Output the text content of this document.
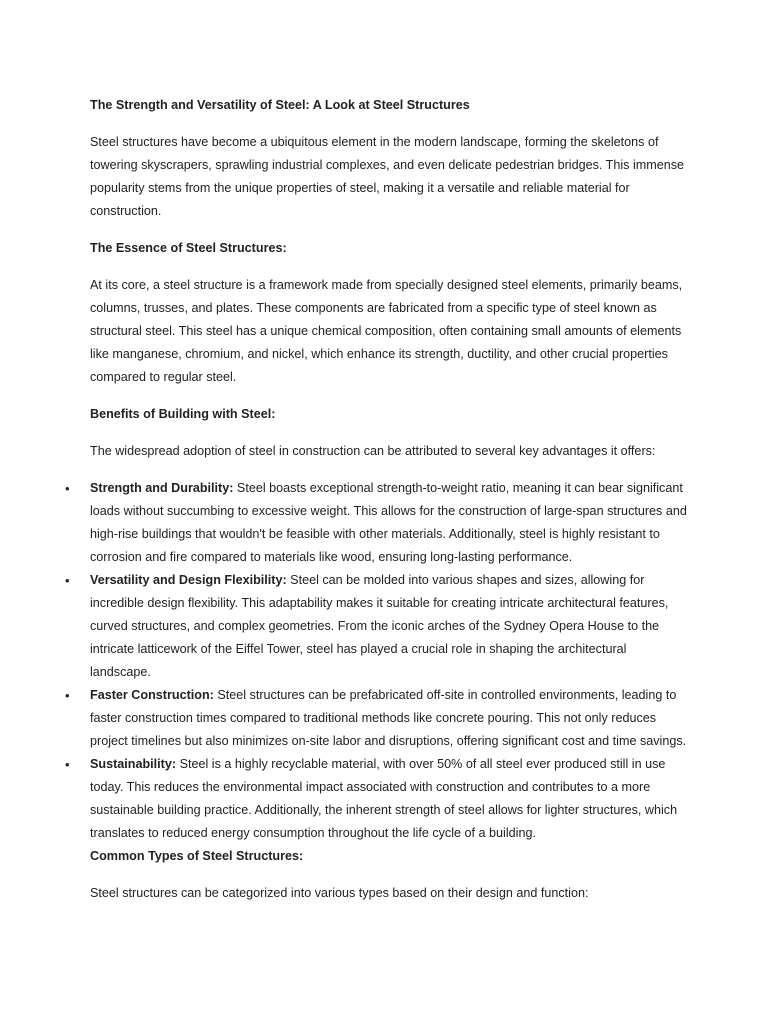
The Strength and Versatility of Steel: A Look at Steel Structures

Steel structures have become a ubiquitous element in the modern landscape, forming the skeletons of towering skyscrapers, sprawling industrial complexes, and even delicate pedestrian bridges. This immense popularity stems from the unique properties of steel, making it a versatile and reliable material for construction.

The Essence of Steel Structures:

At its core, a steel structure is a framework made from specially designed steel elements, primarily beams, columns, trusses, and plates. These components are fabricated from a specific type of steel known as structural steel. This steel has a unique chemical composition, often containing small amounts of elements like manganese, chromium, and nickel, which enhance its strength, ductility, and other crucial properties compared to regular steel.

Benefits of Building with Steel:

The widespread adoption of steel in construction can be attributed to several key advantages it offers:

• Strength and Durability: Steel boasts exceptional strength-to-weight ratio, meaning it can bear significant loads without succumbing to excessive weight. This allows for the construction of large-span structures and high-rise buildings that wouldn't be feasible with other materials. Additionally, steel is highly resistant to corrosion and fire compared to materials like wood, ensuring long-lasting performance.
• Versatility and Design Flexibility: Steel can be molded into various shapes and sizes, allowing for incredible design flexibility. This adaptability makes it suitable for creating intricate architectural features, curved structures, and complex geometries. From the iconic arches of the Sydney Opera House to the intricate latticework of the Eiffel Tower, steel has played a crucial role in shaping the architectural landscape.
• Faster Construction: Steel structures can be prefabricated off-site in controlled environments, leading to faster construction times compared to traditional methods like concrete pouring. This not only reduces project timelines but also minimizes on-site labor and disruptions, offering significant cost and time savings.
• Sustainability: Steel is a highly recyclable material, with over 50% of all steel ever produced still in use today. This reduces the environmental impact associated with construction and contributes to a more sustainable building practice. Additionally, the inherent strength of steel allows for lighter structures, which translates to reduced energy consumption throughout the life cycle of a building.

Common Types of Steel Structures:

Steel structures can be categorized into various types based on their design and function:
